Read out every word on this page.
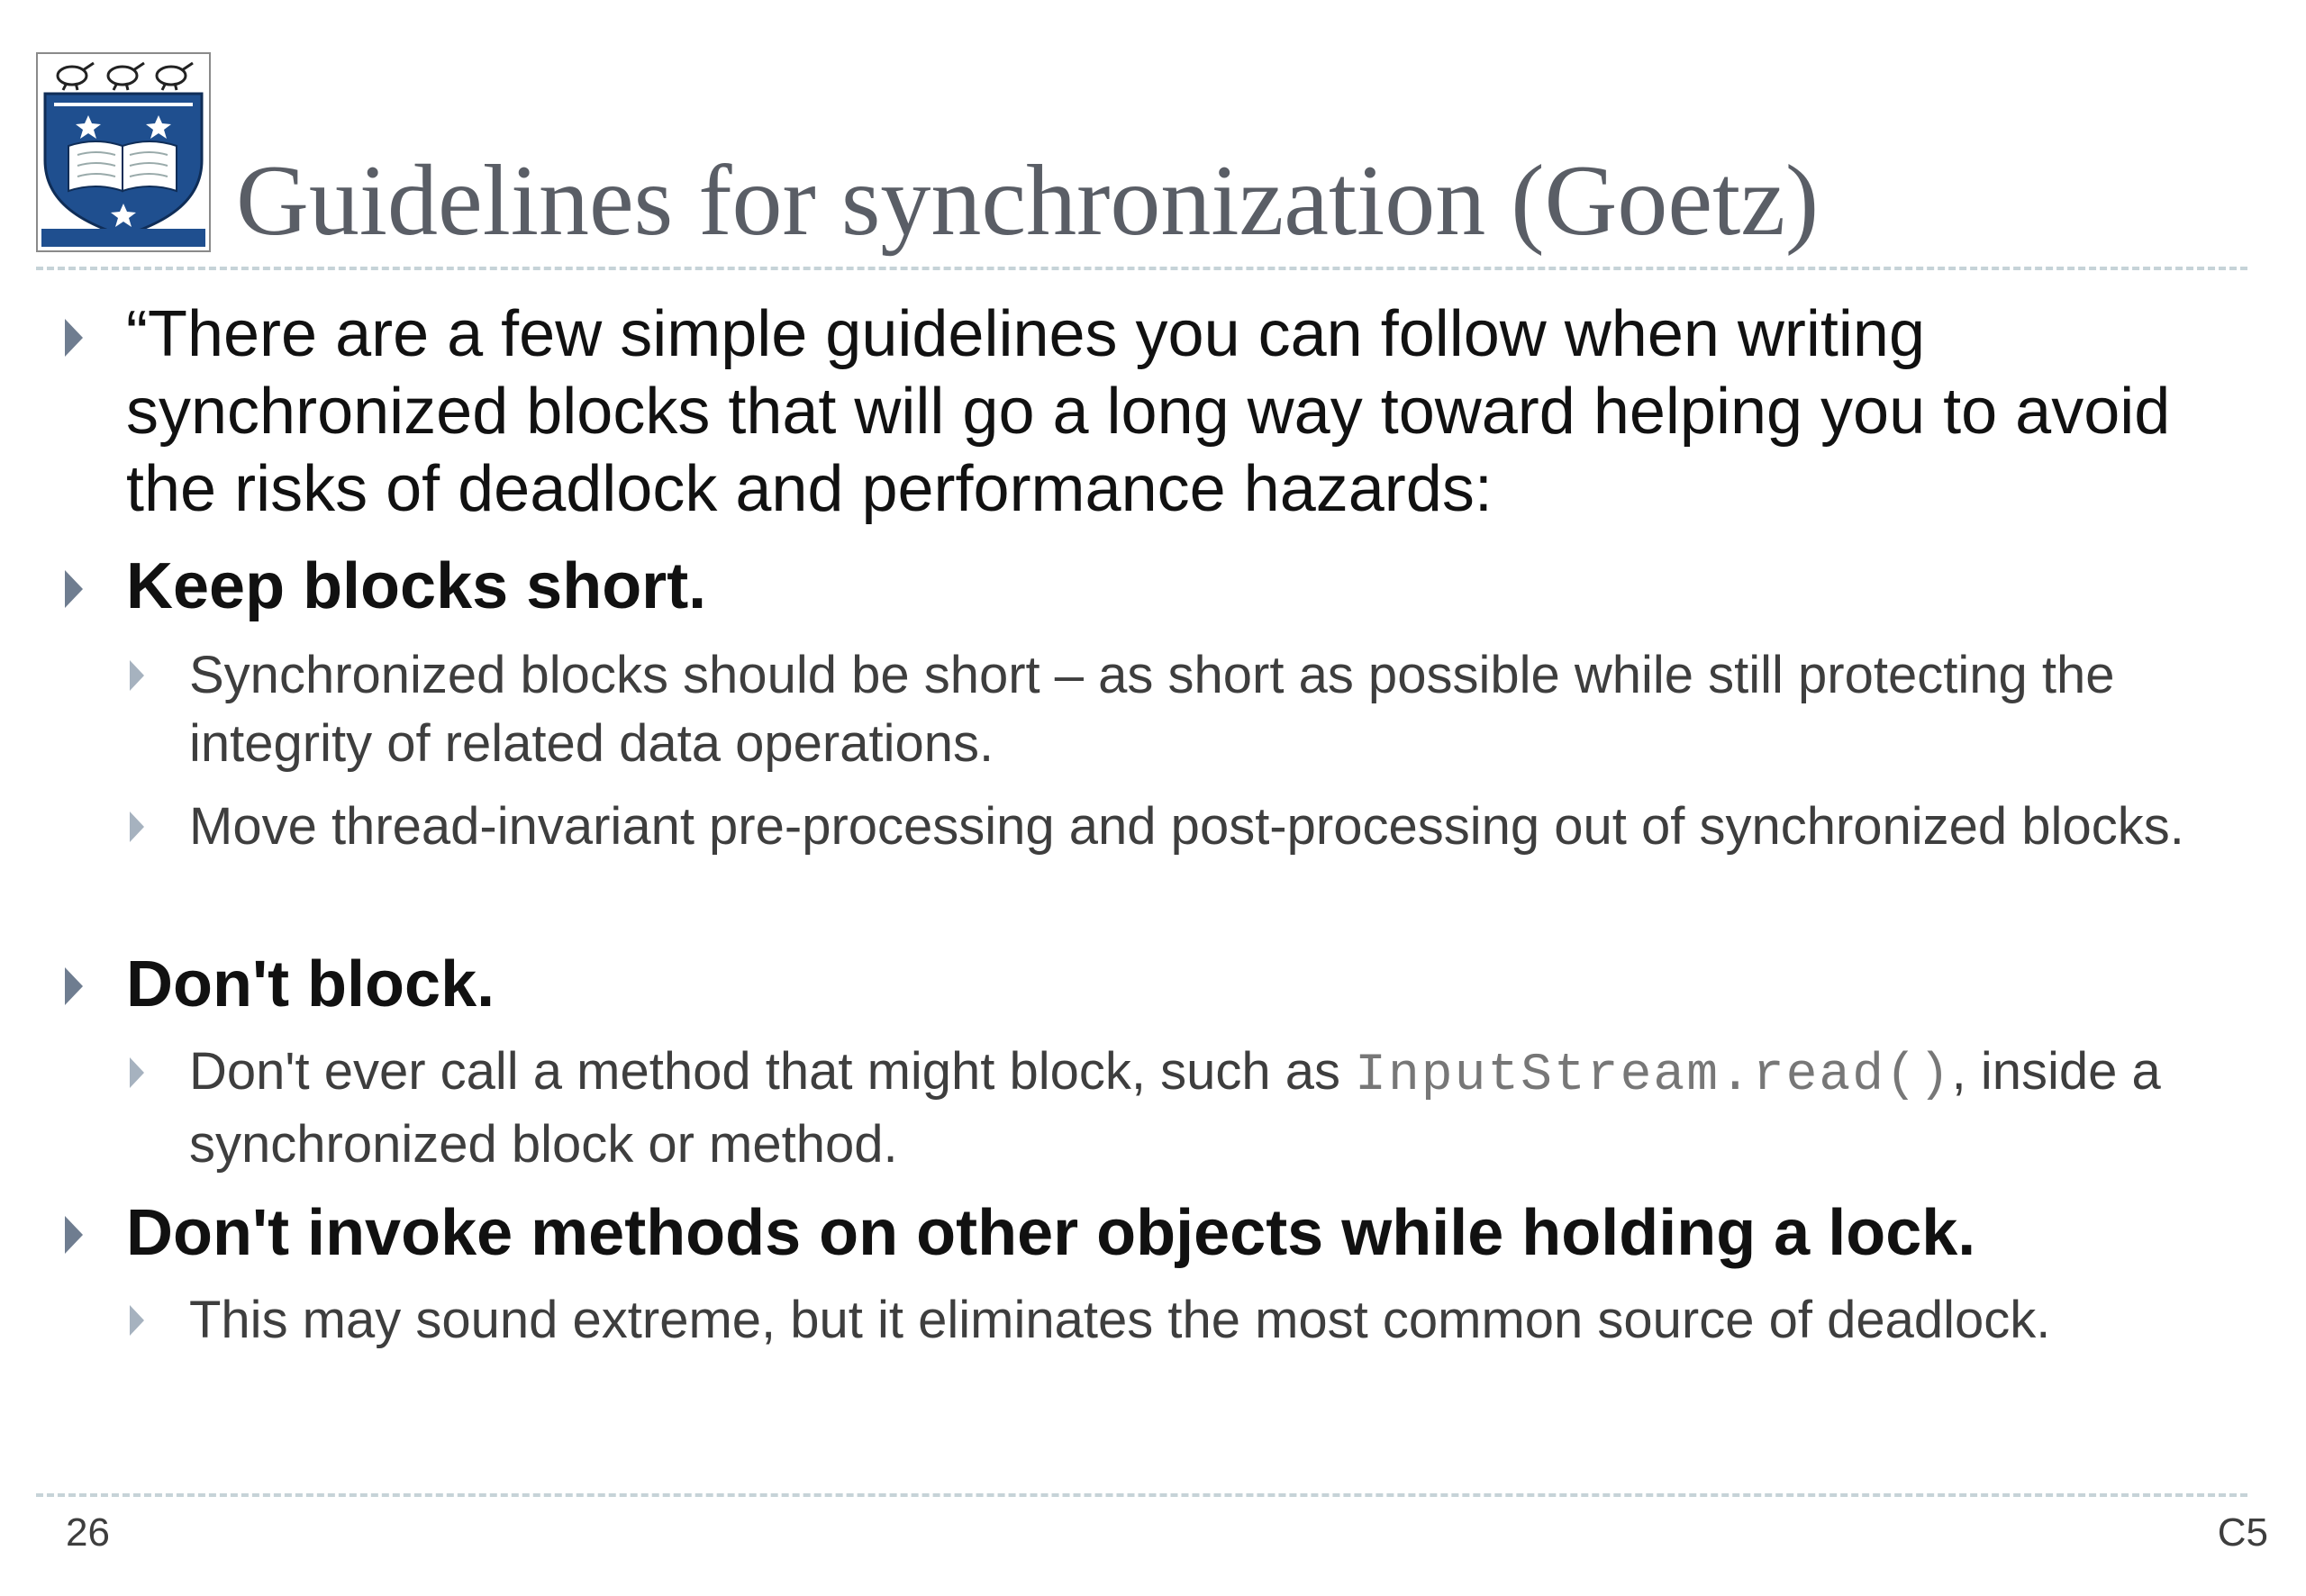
Guidelines for synchronization (Goetz)

“There are a few simple guidelines you can follow when writing synchronized blocks that will go a long way toward helping you to avoid the risks of deadlock and performance hazards:

Keep blocks short.

Synchronized blocks should be short – as short as possible while still protecting the integrity of related data operations.

Move thread-invariant pre-processing and post-processing out of synchronized blocks.

Don't block.

Don't ever call a method that might block, such as InputStream.read(), inside a synchronized block or method.

Don't invoke methods on other objects while holding a lock.

This may sound extreme, but it eliminates the most common source of deadlock.

26	C5
